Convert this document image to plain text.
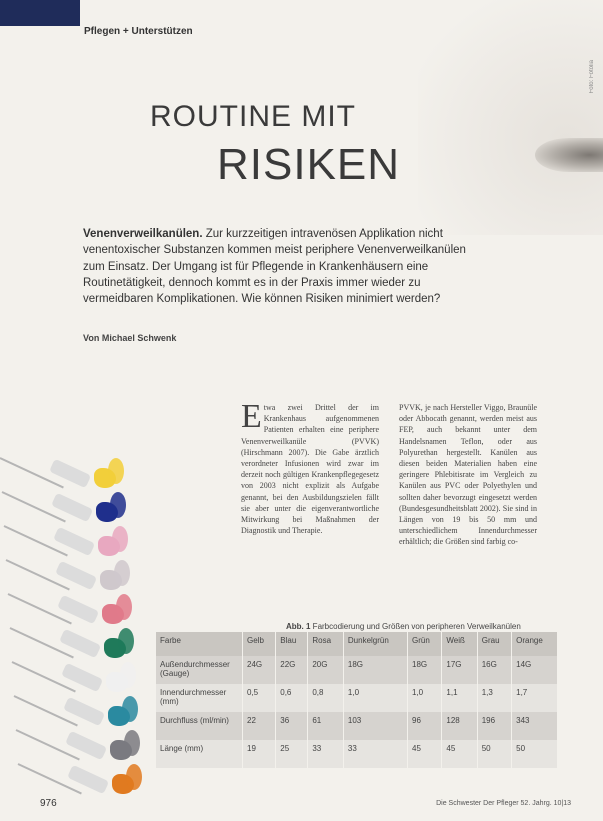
Pflegen + Unterstützen
Foto: Fotolia
ROUTINE MIT
RISIKEN
Venenverweilkanülen. Zur kurzzeitigen intravenösen Applikation nicht venentoxischer Substanzen kommen meist periphere Venenverweilkanülen zum Einsatz. Der Umgang ist für Pflegende in Krankenhäusern eine Routinetätigkeit, dennoch kommt es in der Praxis immer wieder zu vermeidbaren Komplikationen. Wie können Risiken minimiert werden?
Von Michael Schwenk
Etwa zwei Drittel der im Krankenhaus aufgenommenen Patienten erhalten eine periphere Venenverweilkanüle (PVVK) (Hirschmann 2007). Die Gabe ärztlich verordneter Infusionen wird zwar im derzeit noch gültigen Krankenpflegegesetz von 2003 nicht explizit als Aufgabe genannt, bei den Ausbildungszielen fällt sie aber unter die eigenverantwortliche Mitwirkung bei Maßnahmen der Diagnostik und Therapie.
PVVK, je nach Hersteller Viggo, Braunüle oder Abbocath genannt, werden meist aus FEP, auch bekannt unter dem Handelsnamen Teflon, oder aus Polyurethan hergestellt. Kanülen aus diesen beiden Materialien haben eine geringere Phlebitisrate im Vergleich zu Kanülen aus PVC oder Polyethylen und sollten daher bevorzugt eingesetzt werden (Bundesgesundheitsblatt 2002). Sie sind in Längen von 19 bis 50 mm und unterschiedlichem Innendurchmesser erhältlich; die Größen sind farbig co-
Abb. 1 Farbcodierung und Größen von peripheren Verweilkanülen
Farbe	Gelb	Blau	Rosa	Dunkelgrün	Grün	Weiß	Grau	Orange
Außendurchmesser (Gauge)	24G	22G	20G	18G	18G	17G	16G	14G
Innendurchmesser (mm)	0,5	0,6	0,8	1,0	1,0	1,1	1,3	1,7
Durchfluss (ml/min)	22	36	61	103	96	128	196	343
Länge (mm)	19	25	33	33	45	45	50	50
976	Die Schwester Der Pfleger 52. Jahrg. 10|13
